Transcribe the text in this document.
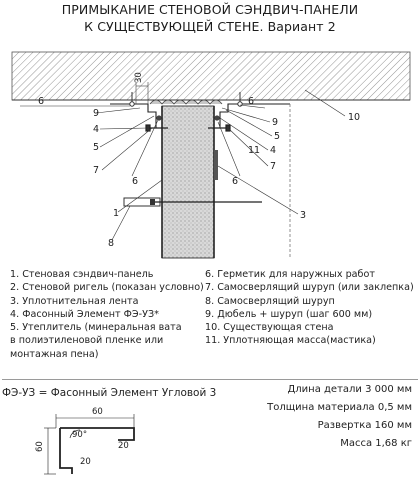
ПРИМЫКАНИЕ СТЕНОВОЙ СЭНДВИЧ-ПАНЕЛИ
К СУЩЕСТВУЮЩЕЙ СТЕНЕ. Вариант 2
30
6
9
4
5
7
6
1
8
6
9
5
4
11
7
6
3
10
60
60	20
20
90°
1. Стеновая сэндвич-панель
2. Стеновой ригель (показан условно)
3. Уплотнительная лента
4. Фасонный Элемент ФЭ-УЗ*
5. Утеплитель (минеральная вата
в полиэтиленовой пленке или
монтажная пена)
6. Герметик для наружных работ
7. Самосверлящий шуруп (или заклепка)
8. Самосверлящий шуруп
9. Дюбель + шуруп (шаг 600 мм)
10. Существующая стена
11. Уплотняющая масса(мастика)
ФЭ-УЗ = Фасонный Элемент Угловой 3	Длина детали 3 000 мм
Толщина материала 0,5 мм
Развертка 160 мм
Масса 1,68 кг
